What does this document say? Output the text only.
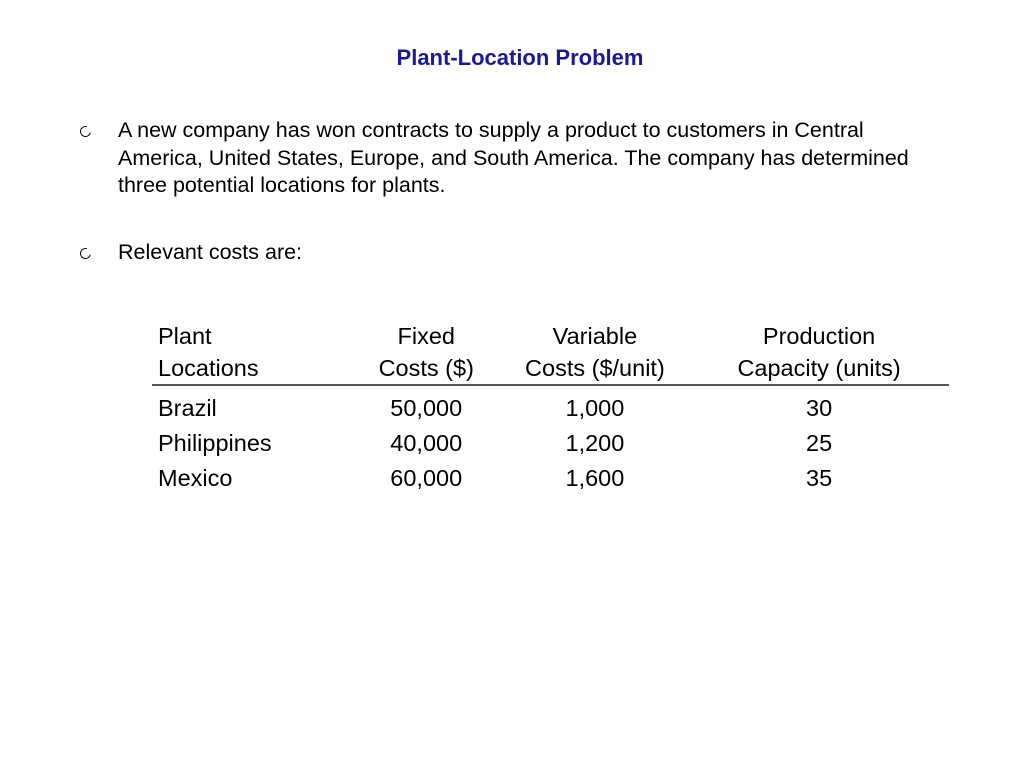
Plant-Location Problem
A new company has won contracts to supply a product to customers in Central America, United States, Europe, and South America. The company has determined three potential locations for plants.
Relevant costs are:
Plant	Fixed	Variable	Production
Locations	Costs ($)	Costs ($/unit)	Capacity (units)
Brazil	50,000	1,000	30
Philippines	40,000	1,200	25
Mexico	60,000	1,600	35
